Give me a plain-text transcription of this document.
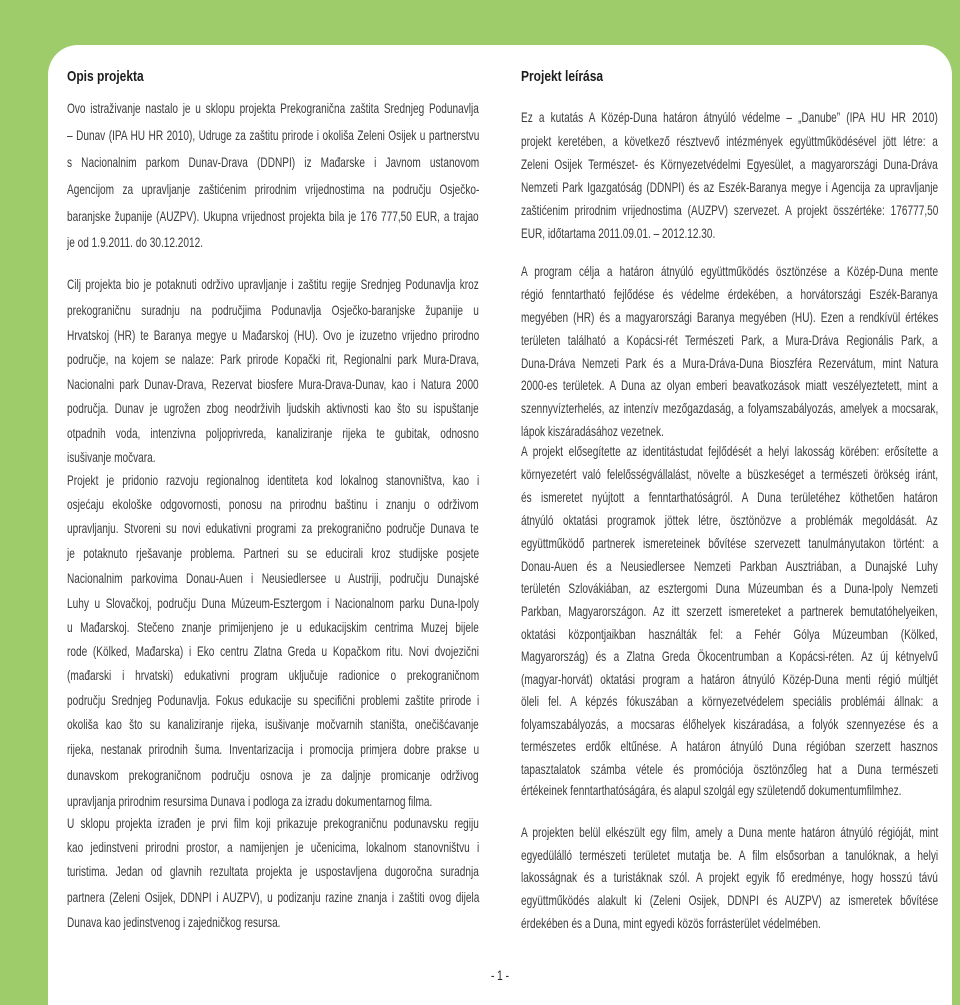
Opis projekta
Ovo istraživanje nastalo je u sklopu projekta Prekogranična zaštita Srednjeg Podunavlja
– Dunav (IPA HU HR 2010), Udruge za zaštitu prirode i okoliša Zeleni Osijek u partnerstvu
s Nacionalnim parkom Dunav-Drava (DDNPI) iz Mađarske i Javnom ustanovom
Agencijom za upravljanje zaštićenim prirodnim vrijednostima na području Osječko-
baranjske županije (AUZPV). Ukupna vrijednost projekta bila je 176 777,50 EUR, a trajao
je od 1.9.2011. do 30.12.2012.
Cilj projekta bio je potaknuti održivo upravljanje i zaštitu regije Srednjeg Podunavlja kroz
prekograničnu suradnju na područjima Podunavlja Osječko-baranjske županije u
Hrvatskoj (HR) te Baranya megye u Mađarskoj (HU). Ovo je izuzetno vrijedno prirodno
područje, na kojem se nalaze: Park prirode Kopački rit, Regionalni park Mura-Drava,
Nacionalni park Dunav-Drava, Rezervat biosfere Mura-Drava-Dunav, kao i Natura 2000
područja. Dunav je ugrožen zbog neodrživih ljudskih aktivnosti kao što su ispuštanje
otpadnih voda, intenzivna poljoprivreda, kanaliziranje rijeka te gubitak, odnosno
isušivanje močvara.
Projekt je pridonio razvoju regionalnog identiteta kod lokalnog stanovništva, kao i
osjećaju ekološke odgovornosti, ponosu na prirodnu baštinu i znanju o održivom
upravljanju. Stvoreni su novi edukativni programi za prekogranično područje Dunava te
je potaknuto rješavanje problema. Partneri su se educirali kroz studijske posjete
Nacionalnim parkovima Donau-Auen i Neusiedlersee u Austriji, području Dunajské
Luhy u Slovačkoj, području Duna Múzeum-Esztergom i Nacionalnom parku Duna-Ipoly
u Mađarskoj. Stečeno znanje primijenjeno je u edukacijskim centrima Muzej bijele
rode (Kölked, Mađarska) i Eko centru Zlatna Greda u Kopačkom ritu. Novi dvojezični
(mađarski i hrvatski) edukativni program uključuje radionice o prekograničnom
području Srednjeg Podunavlja. Fokus edukacije su specifični problemi zaštite prirode i
okoliša kao što su kanaliziranje rijeka, isušivanje močvarnih staništa, onečišćavanje
rijeka, nestanak prirodnih šuma. Inventarizacija i promocija primjera dobre prakse u
dunavskom prekograničnom području osnova je za daljnje promicanje održivog
upravljanja prirodnim resursima Dunava i podloga za izradu dokumentarnog filma.
U sklopu projekta izrađen je prvi film koji prikazuje prekograničnu podunavsku regiju
kao jedinstveni prirodni prostor, a namijenjen je učenicima, lokalnom stanovništvu i
turistima. Jedan od glavnih rezultata projekta je uspostavljena dugoročna suradnja
partnera (Zeleni Osijek, DDNPI i AUZPV), u podizanju razine znanja i zaštiti ovog dijela
Dunava kao jedinstvenog i zajedničkog resursa.
Projekt leírása
Ez a kutatás A Közép-Duna határon átnyúló védelme – „Danube” (IPA HU HR 2010)
projekt keretében, a következő résztvevő intézmények együttműködésével jött létre: a
Zeleni Osijek Természet- és Környezetvédelmi Egyesület, a magyarországi Duna-Dráva
Nemzeti Park Igazgatóság (DDNPI) és az Eszék-Baranya megye i Agencija za upravljanje
zaštićenim prirodnim vrijednostima (AUZPV) szervezet. A projekt összértéke: 176777,50
EUR, időtartama 2011.09.01. – 2012.12.30.
A program célja a határon átnyúló együttműködés ösztönzése a Közép-Duna mente
régió fenntartható fejlődése és védelme érdekében, a horvátországi Eszék-Baranya
megyében (HR) és a magyarországi Baranya megyében (HU). Ezen a rendkívül értékes
területen található a Kopácsi-rét Természeti Park, a Mura-Dráva Regionális Park, a
Duna-Dráva Nemzeti Park és a Mura-Dráva-Duna Bioszféra Rezervátum, mint Natura
2000-es területek. A Duna az olyan emberi beavatkozások miatt veszélyeztetett, mint a
szennyvízterhelés, az intenzív mezőgazdaság, a folyamszabályozás, amelyek a mocsarak,
lápok kiszáradásához vezetnek.
A projekt elősegítette az identitástudat fejlődését a helyi lakosság körében: erősítette a
környezetért való felelősségvállalást, növelte a büszkeséget a természeti örökség iránt,
és ismeretet nyújtott a fenntarthatóságról. A Duna területéhez köthetően határon
átnyúló oktatási programok jöttek létre, ösztönözve a problémák megoldását. Az
együttműködő partnerek ismereteinek bővítése szervezett tanulmányutakon történt: a
Donau-Auen és a Neusiedlersee Nemzeti Parkban Ausztriában, a Dunajské Luhy
területén Szlovákiában, az esztergomi Duna Múzeumban és a Duna-Ipoly Nemzeti
Parkban, Magyarországon. Az itt szerzett ismereteket a partnerek bemutatóhelyeiken,
oktatási központjaikban használták fel: a Fehér Gólya Múzeumban (Kölked,
Magyarország) és a Zlatna Greda Ökocentrumban a Kopácsi-réten. Az új kétnyelvű
(magyar-horvát) oktatási program a határon átnyúló Közép-Duna menti régió múltjét
öleli fel. A képzés fókuszában a környezetvédelem speciális problémái állnak: a
folyamszabályozás, a mocsaras élőhelyek kiszáradása, a folyók szennyezése és a
természetes erdők eltűnése. A határon átnyúló Duna régióban szerzett hasznos
tapasztalatok számba vétele és promóciója ösztönzőleg hat a Duna természeti
értékeinek fenntarthatóságára, és alapul szolgál egy születendő dokumentumfilmhez.
A projekten belül elkészült egy film, amely a Duna mente határon átnyúló régióját, mint
egyedülálló természeti területet mutatja be. A film elsősorban a tanulóknak, a helyi
lakosságnak és a turistáknak szól. A projekt egyik fő eredménye, hogy hosszú távú
együttműködés alakult ki (Zeleni Osijek, DDNPI és AUZPV) az ismeretek bővítése
érdekében és a Duna, mint egyedi közös forrásterület védelmében.
- 1 -
